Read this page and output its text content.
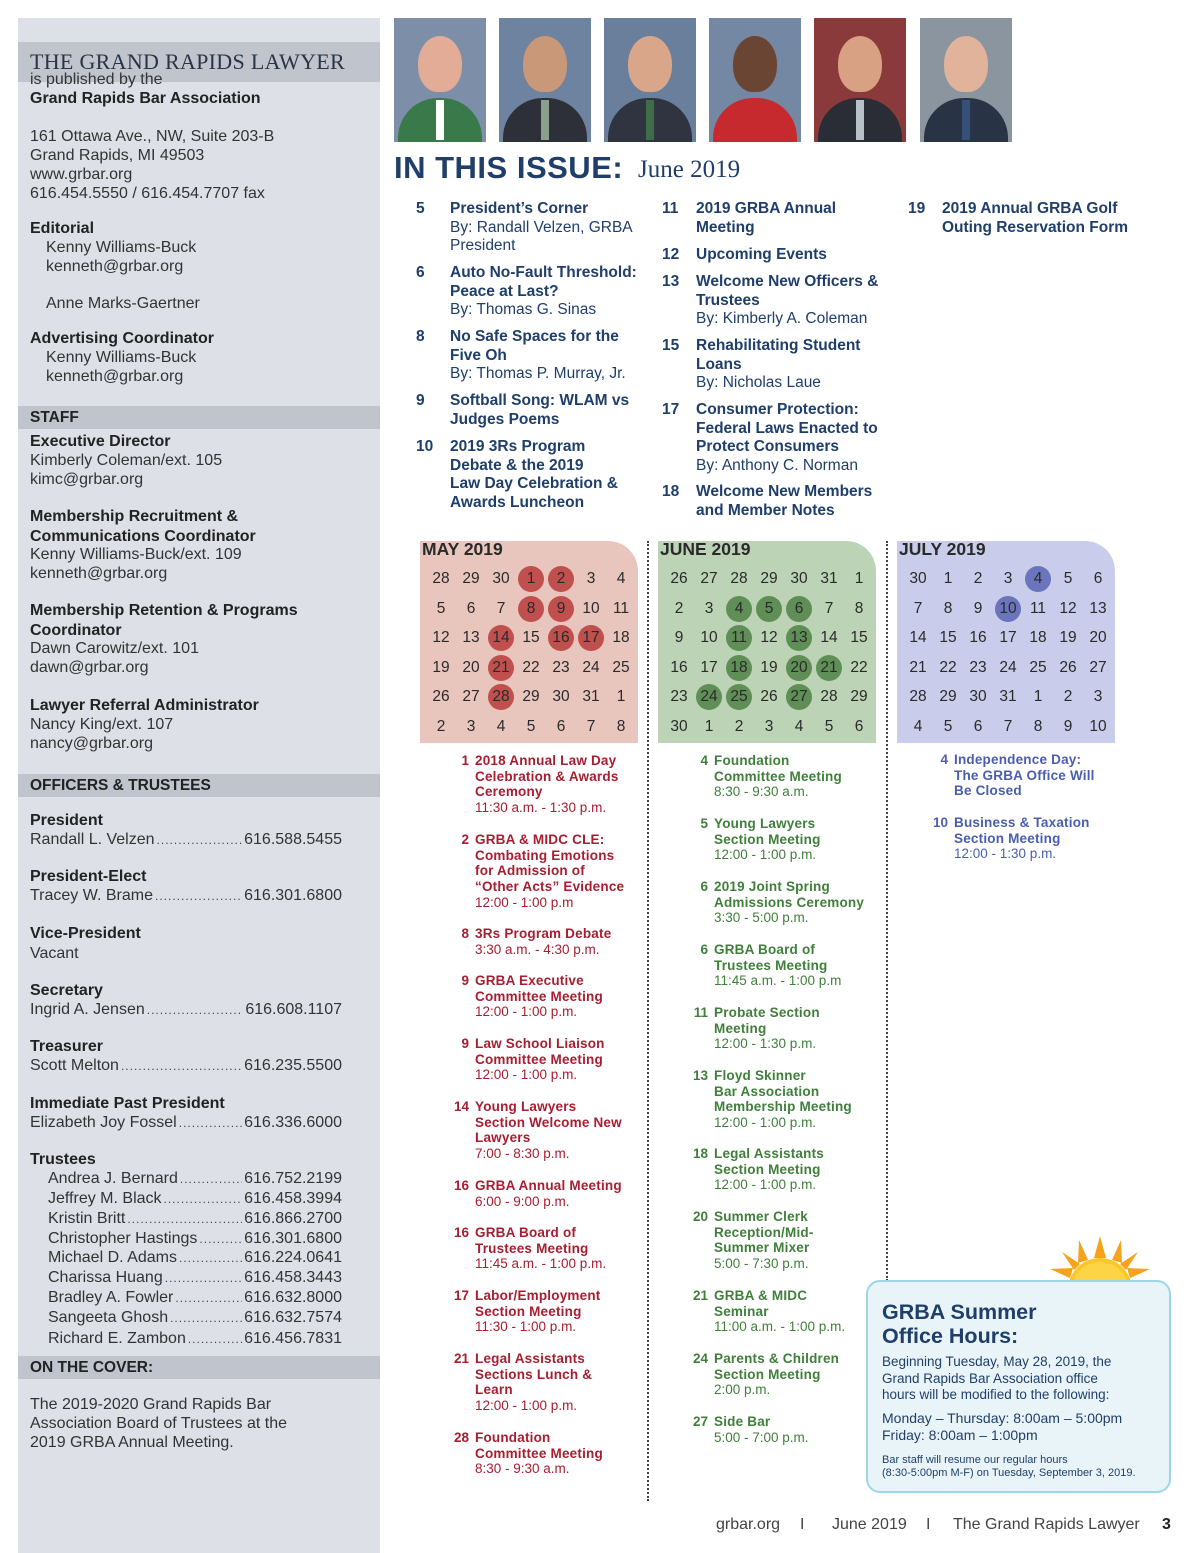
THE GRAND RAPIDS LAWYER
is published by the
Grand Rapids Bar Association
161 Ottawa Ave., NW, Suite 203-B
Grand Rapids, MI 49503
www.grbar.org
616.454.5550 / 616.454.7707 fax
Editorial
Kenny Williams-Buck
kenneth@grbar.org
Anne Marks-Gaertner
Advertising Coordinator
Kenny Williams-Buck
kenneth@grbar.org
STAFF
Executive Director
Kimberly Coleman/ext. 105
kimc@grbar.org
Membership Recruitment &
Communications Coordinator
Kenny Williams-Buck/ext. 109
kenneth@grbar.org
Membership Retention & Programs
Coordinator
Dawn Carowitz/ext. 101
dawn@grbar.org
Lawyer Referral Administrator
Nancy King/ext. 107
nancy@grbar.org
OFFICERS & TRUSTEES
President
Randall L. Velzen .....	616.588.5455
President-Elect
Tracey W. Brame .....	616.301.6800
Vice-President
Vacant
Secretary
Ingrid A. Jensen .....	616.608.1107
Treasurer
Scott Melton .....	616.235.5500
Immediate Past President
Elizabeth Joy Fossel .....	616.336.6000
Trustees
Andrea J. Bernard .....	616.752.2199
Jeffrey M. Black .....	616.458.3994
Kristin Britt .....	616.866.2700
Christopher Hastings .....	616.301.6800
Michael D. Adams .....	616.224.0641
Charissa Huang .....	616.458.3443
Bradley A. Fowler .....	616.632.8000
Sangeeta Ghosh .....	616.632.7574
Richard E. Zambon .....	616.456.7831
ON THE COVER:
The 2019-2020 Grand Rapids Bar
Association Board of Trustees at the
2019 GRBA Annual Meeting.
IN THIS ISSUE: June 2019
5 President’s Corner
By: Randall Velzen, GRBA
President
6 Auto No-Fault Threshold:
Peace at Last?
By: Thomas G. Sinas
8 No Safe Spaces for the
Five Oh
By: Thomas P. Murray, Jr.
9 Softball Song: WLAM vs
Judges Poems
10 2019 3Rs Program
Debate & the 2019
Law Day Celebration &
Awards Luncheon
11 2019 GRBA Annual
Meeting
12 Upcoming Events
13 Welcome New Officers &
Trustees
By: Kimberly A. Coleman
15 Rehabilitating Student
Loans
By: Nicholas Laue
17 Consumer Protection:
Federal Laws Enacted to
Protect Consumers
By: Anthony C. Norman
18 Welcome New Members
and Member Notes
19 2019 Annual GRBA Golf
Outing Reservation Form
MAY 2019
28 29 30	1	2	3	4
5	6	7	8	9	10 11
12 13 14 15 16 17 18
19 20 21 22 23 24 25
26 27 28 29 30 31	1
2	3	4	5	6	7	8
JUNE 2019
26 27 28 29 30 31	1
2	3	4	5	6	7	8
9	10 11 12 13 14 15
16 17 18 19 20 21 22
23 24 25 26 27 28 29
30	1	2	3	4	5	6
JULY 2019
30	1	2	3	4	5	6
7	8	9	10 11 12 13
14 15 16 17 18 19 20
21 22 23 24 25 26 27
28 29 30 31	1	2	3
4	5	6	7	8	9	10
1 2018 Annual Law Day
Celebration & Awards
Ceremony
11:30 a.m. - 1:30 p.m.
2 GRBA & MIDC CLE:
Combating Emotions
for Admission of
“Other Acts” Evidence
12:00 - 1:00 p.m
8 3Rs Program Debate
3:30 a.m. - 4:30 p.m.
9 GRBA Executive
Committee Meeting
12:00 - 1:00 p.m.
9 Law School Liaison
Committee Meeting
12:00 - 1:00 p.m.
14 Young Lawyers
Section Welcome New
Lawyers
7:00 - 8:30 p.m.
16 GRBA Annual Meeting
6:00 - 9:00 p.m.
16 GRBA Board of
Trustees Meeting
11:45 a.m. - 1:00 p.m.
17 Labor/Employment
Section Meeting
11:30 - 1:00 p.m.
21 Legal Assistants
Sections Lunch &
Learn
12:00 - 1:00 p.m.
28 Foundation
Committee Meeting
8:30 - 9:30 a.m.
4 Foundation
Committee Meeting
8:30 - 9:30 a.m.
5 Young Lawyers
Section Meeting
12:00 - 1:00 p.m.
6 2019 Joint Spring
Admissions Ceremony
3:30 - 5:00 p.m.
6 GRBA Board of
Trustees Meeting
11:45 a.m. - 1:00 p.m
11 Probate Section
Meeting
12:00 - 1:30 p.m.
13 Floyd Skinner
Bar Association
Membership Meeting
12:00 - 1:00 p.m.
18 Legal Assistants
Section Meeting
12:00 - 1:00 p.m.
20 Summer Clerk
Reception/Mid-
Summer Mixer
5:00 - 7:30 p.m.
21 GRBA & MIDC
Seminar
11:00 a.m. - 1:00 p.m.
24 Parents & Children
Section Meeting
2:00 p.m.
27 Side Bar
5:00 - 7:00 p.m.
4 Independence Day:
The GRBA Office Will
Be Closed
10 Business & Taxation
Section Meeting
12:00 - 1:30 p.m.
GRBA Summer
Office Hours:
Beginning Tuesday, May 28, 2019, the
Grand Rapids Bar Association office
hours will be modified to the following:
Monday – Thursday: 8:00am – 5:00pm
Friday: 8:00am – 1:00pm
Bar staff will resume our regular hours
(8:30-5:00pm M-F) on Tuesday, September 3, 2019.
grbar.org I June 2019 I The Grand Rapids Lawyer 3
